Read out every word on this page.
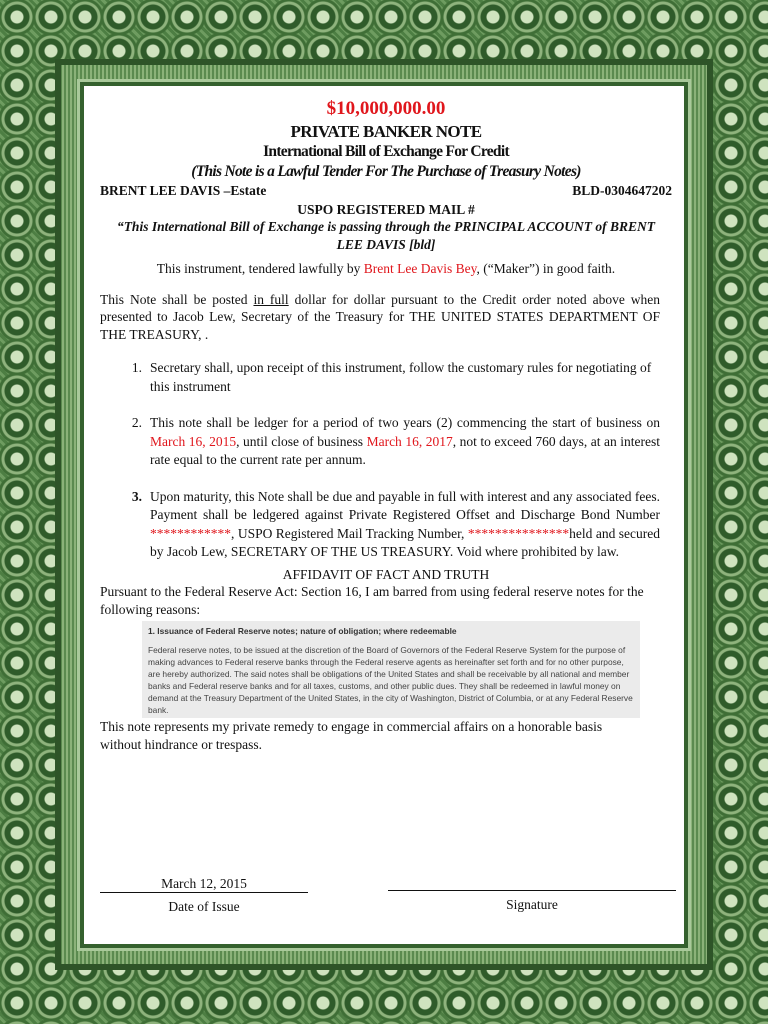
$10,000,000.00
PRIVATE BANKER NOTE
International Bill of Exchange For Credit
(This Note is a Lawful Tender For The Purchase of Treasury Notes)
BRENT LEE DAVIS –Estate	BLD-0304647202
USPO REGISTERED MAIL #
“This International Bill of Exchange is passing through the PRINCIPAL ACCOUNT of BRENT LEE DAVIS [bld]

This instrument, tendered lawfully by Brent Lee Davis Bey, (“Maker”) in good faith.

This Note shall be posted in full dollar for dollar pursuant to the Credit order noted above when presented to Jacob Lew, Secretary of the Treasury for THE UNITED STATES DEPARTMENT OF THE TREASURY, .

1. Secretary shall, upon receipt of this instrument, follow the customary rules for negotiating of this instrument
2. This note shall be ledger for a period of two years (2) commencing the start of business on March 16, 2015, until close of business March 16, 2017, not to exceed 760 days, at an interest rate equal to the current rate per annum.
3. Upon maturity, this Note shall be due and payable in full with interest and any associated fees. Payment shall be ledgered against Private Registered Offset and Discharge Bond Number ************, USPO Registered Mail Tracking Number, ***************held and secured by Jacob Lew, SECRETARY OF THE US TREASURY. Void where prohibited by law.
AFFIDAVIT OF FACT AND TRUTH

Pursuant to the Federal Reserve Act: Section 16, I am barred from using federal reserve notes for the following reasons:

1. Issuance of Federal Reserve notes; nature of obligation; where redeemable
Federal reserve notes, to be issued at the discretion of the Board of Governors of the Federal Reserve System for the purpose of making advances to Federal reserve banks through the Federal reserve agents as hereinafter set forth and for no other purpose, are hereby authorized. The said notes shall be obligations of the United States and shall be receivable by all national and member banks and Federal reserve banks and for all taxes, customs, and other public dues. They shall be redeemed in lawful money on demand at the Treasury Department of the United States, in the city of Washington, District of Columbia, or at any Federal Reserve bank.

This note represents my private remedy to engage in commercial affairs on a honorable basis without hindrance or trespass.

March 12, 2015
Date of Issue	Signature
